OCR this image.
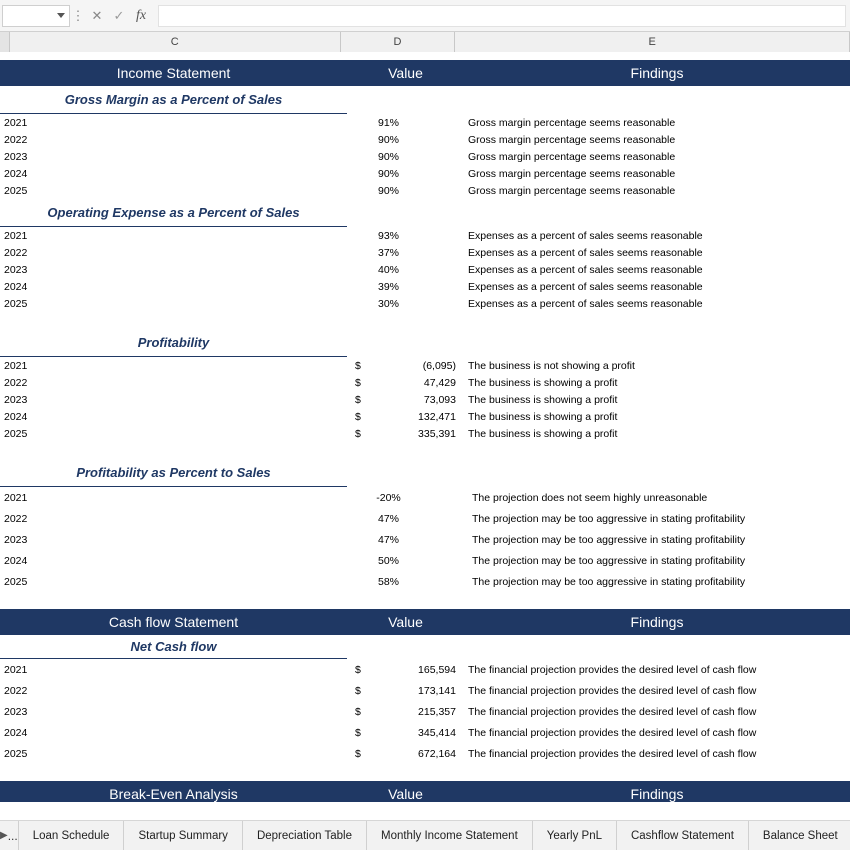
⋮ ✕ ✓ fx
C	D	E
Income Statement	Value	Findings
Gross Margin as a Percent of Sales
2021	91%	Gross margin percentage seems reasonable
2022	90%	Gross margin percentage seems reasonable
2023	90%	Gross margin percentage seems reasonable
2024	90%	Gross margin percentage seems reasonable
2025	90%	Gross margin percentage seems reasonable
Operating Expense as a Percent of Sales
2021	93%	Expenses as a percent of sales seems reasonable
2022	37%	Expenses as a percent of sales seems reasonable
2023	40%	Expenses as a percent of sales seems reasonable
2024	39%	Expenses as a percent of sales seems reasonable
2025	30%	Expenses as a percent of sales seems reasonable
Profitability
2021	$	(6,095)	The business is not showing a profit
2022	$	47,429	The business is showing a profit
2023	$	73,093	The business is showing a profit
2024	$	132,471	The business is showing a profit
2025	$	335,391	The business is showing a profit
Profitability as Percent to Sales
2021	-20%	The projection does not seem highly unreasonable
2022	47%	The projection may be too aggressive in stating profitability
2023	47%	The projection may be too aggressive in stating profitability
2024	50%	The projection may be too aggressive in stating profitability
2025	58%	The projection may be too aggressive in stating profitability
Cash flow Statement	Value	Findings
Net Cash flow
2021	$	165,594	The financial projection provides the desired level of cash flow
2022	$	173,141	The financial projection provides the desired level of cash flow
2023	$	215,357	The financial projection provides the desired level of cash flow
2024	$	345,414	The financial projection provides the desired level of cash flow
2025	$	672,164	The financial projection provides the desired level of cash flow
Break-Even Analysis	Value	Findings
▶ ...	Loan Schedule	Startup Summary	Depreciation Table	Monthly Income Statement	Yearly PnL	Cashflow Statement	Balance Sheet
